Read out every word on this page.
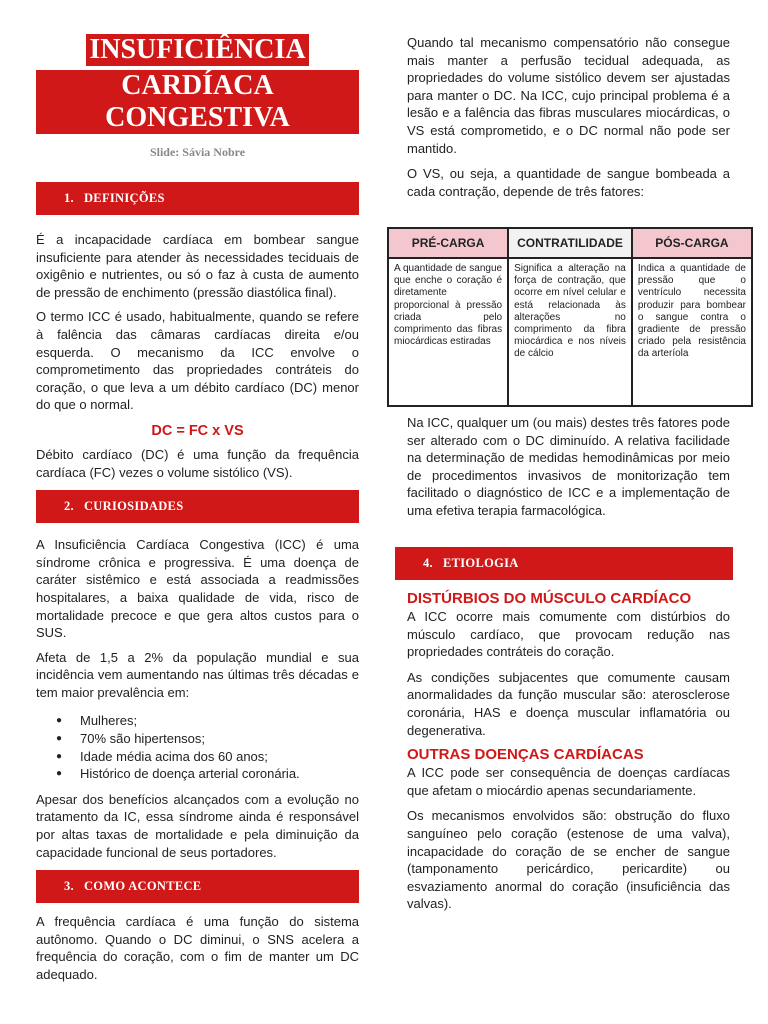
INSUFICIÊNCIA
CARDÍACA CONGESTIVA
Slide: Sávia Nobre
1. DEFINIÇÕES

É a incapacidade cardíaca em bombear sangue insuficiente para atender às necessidades teciduais de oxigênio e nutrientes, ou só o faz à custa de aumento de pressão de enchimento (pressão diastólica final).

O termo ICC é usado, habitualmente, quando se refere à falência das câmaras cardíacas direita e/ou esquerda. O mecanismo da ICC envolve o comprometimento das propriedades contráteis do coração, o que leva a um débito cardíaco (DC) menor do que o normal.

DC = FC x VS

Débito cardíaco (DC) é uma função da frequência cardíaca (FC) vezes o volume sistólico (VS).

2. CURIOSIDADES

A Insuficiência Cardíaca Congestiva (ICC) é uma síndrome crônica e progressiva. É uma doença de caráter sistêmico e está associada a readmissões hospitalares, a baixa qualidade de vida, risco de mortalidade precoce e que gera altos custos para o SUS.

Afeta de 1,5 a 2% da população mundial e sua incidência vem aumentando nas últimas três décadas e tem maior prevalência em:

● Mulheres;
● 70% são hipertensos;
● Idade média acima dos 60 anos;
● Histórico de doença arterial coronária.

Apesar dos benefícios alcançados com a evolução no tratamento da IC, essa síndrome ainda é responsável por altas taxas de mortalidade e pela diminuição da capacidade funcional de seus portadores.

3. COMO ACONTECE

A frequência cardíaca é uma função do sistema autônomo. Quando o DC diminui, o SNS acelera a frequência do coração, com o fim de manter um DC adequado.

Quando tal mecanismo compensatório não consegue mais manter a perfusão tecidual adequada, as propriedades do volume sistólico devem ser ajustadas para manter o DC. Na ICC, cujo principal problema é a lesão e a falência das fibras musculares miocárdicas, o VS está comprometido, e o DC normal não pode ser mantido.

O VS, ou seja, a quantidade de sangue bombeada a cada contração, depende de três fatores:

PRÉ-CARGA	CONTRATILIDADE	PÓS-CARGA
A quantidade de sangue que enche o coração é diretamente proporcional à pressão criada pelo comprimento das fibras miocárdicas estiradas	Significa a alteração na força de contração, que ocorre em nível celular e está relacionada às alterações no comprimento da fibra miocárdica e nos níveis de cálcio	Indica a quantidade de pressão que o ventrículo necessita produzir para bombear o sangue contra o gradiente de pressão criado pela resistência da arteríola

Na ICC, qualquer um (ou mais) destes três fatores pode ser alterado com o DC diminuído. A relativa facilidade na determinação de medidas hemodinâmicas por meio de procedimentos invasivos de monitorização tem facilitado o diagnóstico de ICC e a implementação de uma efetiva terapia farmacológica.

4. ETIOLOGIA
DISTÚRBIOS DO MÚSCULO CARDÍACO

A ICC ocorre mais comumente com distúrbios do músculo cardíaco, que provocam redução nas propriedades contráteis do coração.

As condições subjacentes que comumente causam anormalidades da função muscular são: aterosclerose coronária, HAS e doença muscular inflamatória ou degenerativa.

OUTRAS DOENÇAS CARDÍACAS

A ICC pode ser consequência de doenças cardíacas que afetam o miocárdio apenas secundariamente.

Os mecanismos envolvidos são: obstrução do fluxo sanguíneo pelo coração (estenose de uma valva), incapacidade do coração de se encher de sangue (tamponamento pericárdico, pericardite) ou esvaziamento anormal do coração (insuficiência das valvas).
